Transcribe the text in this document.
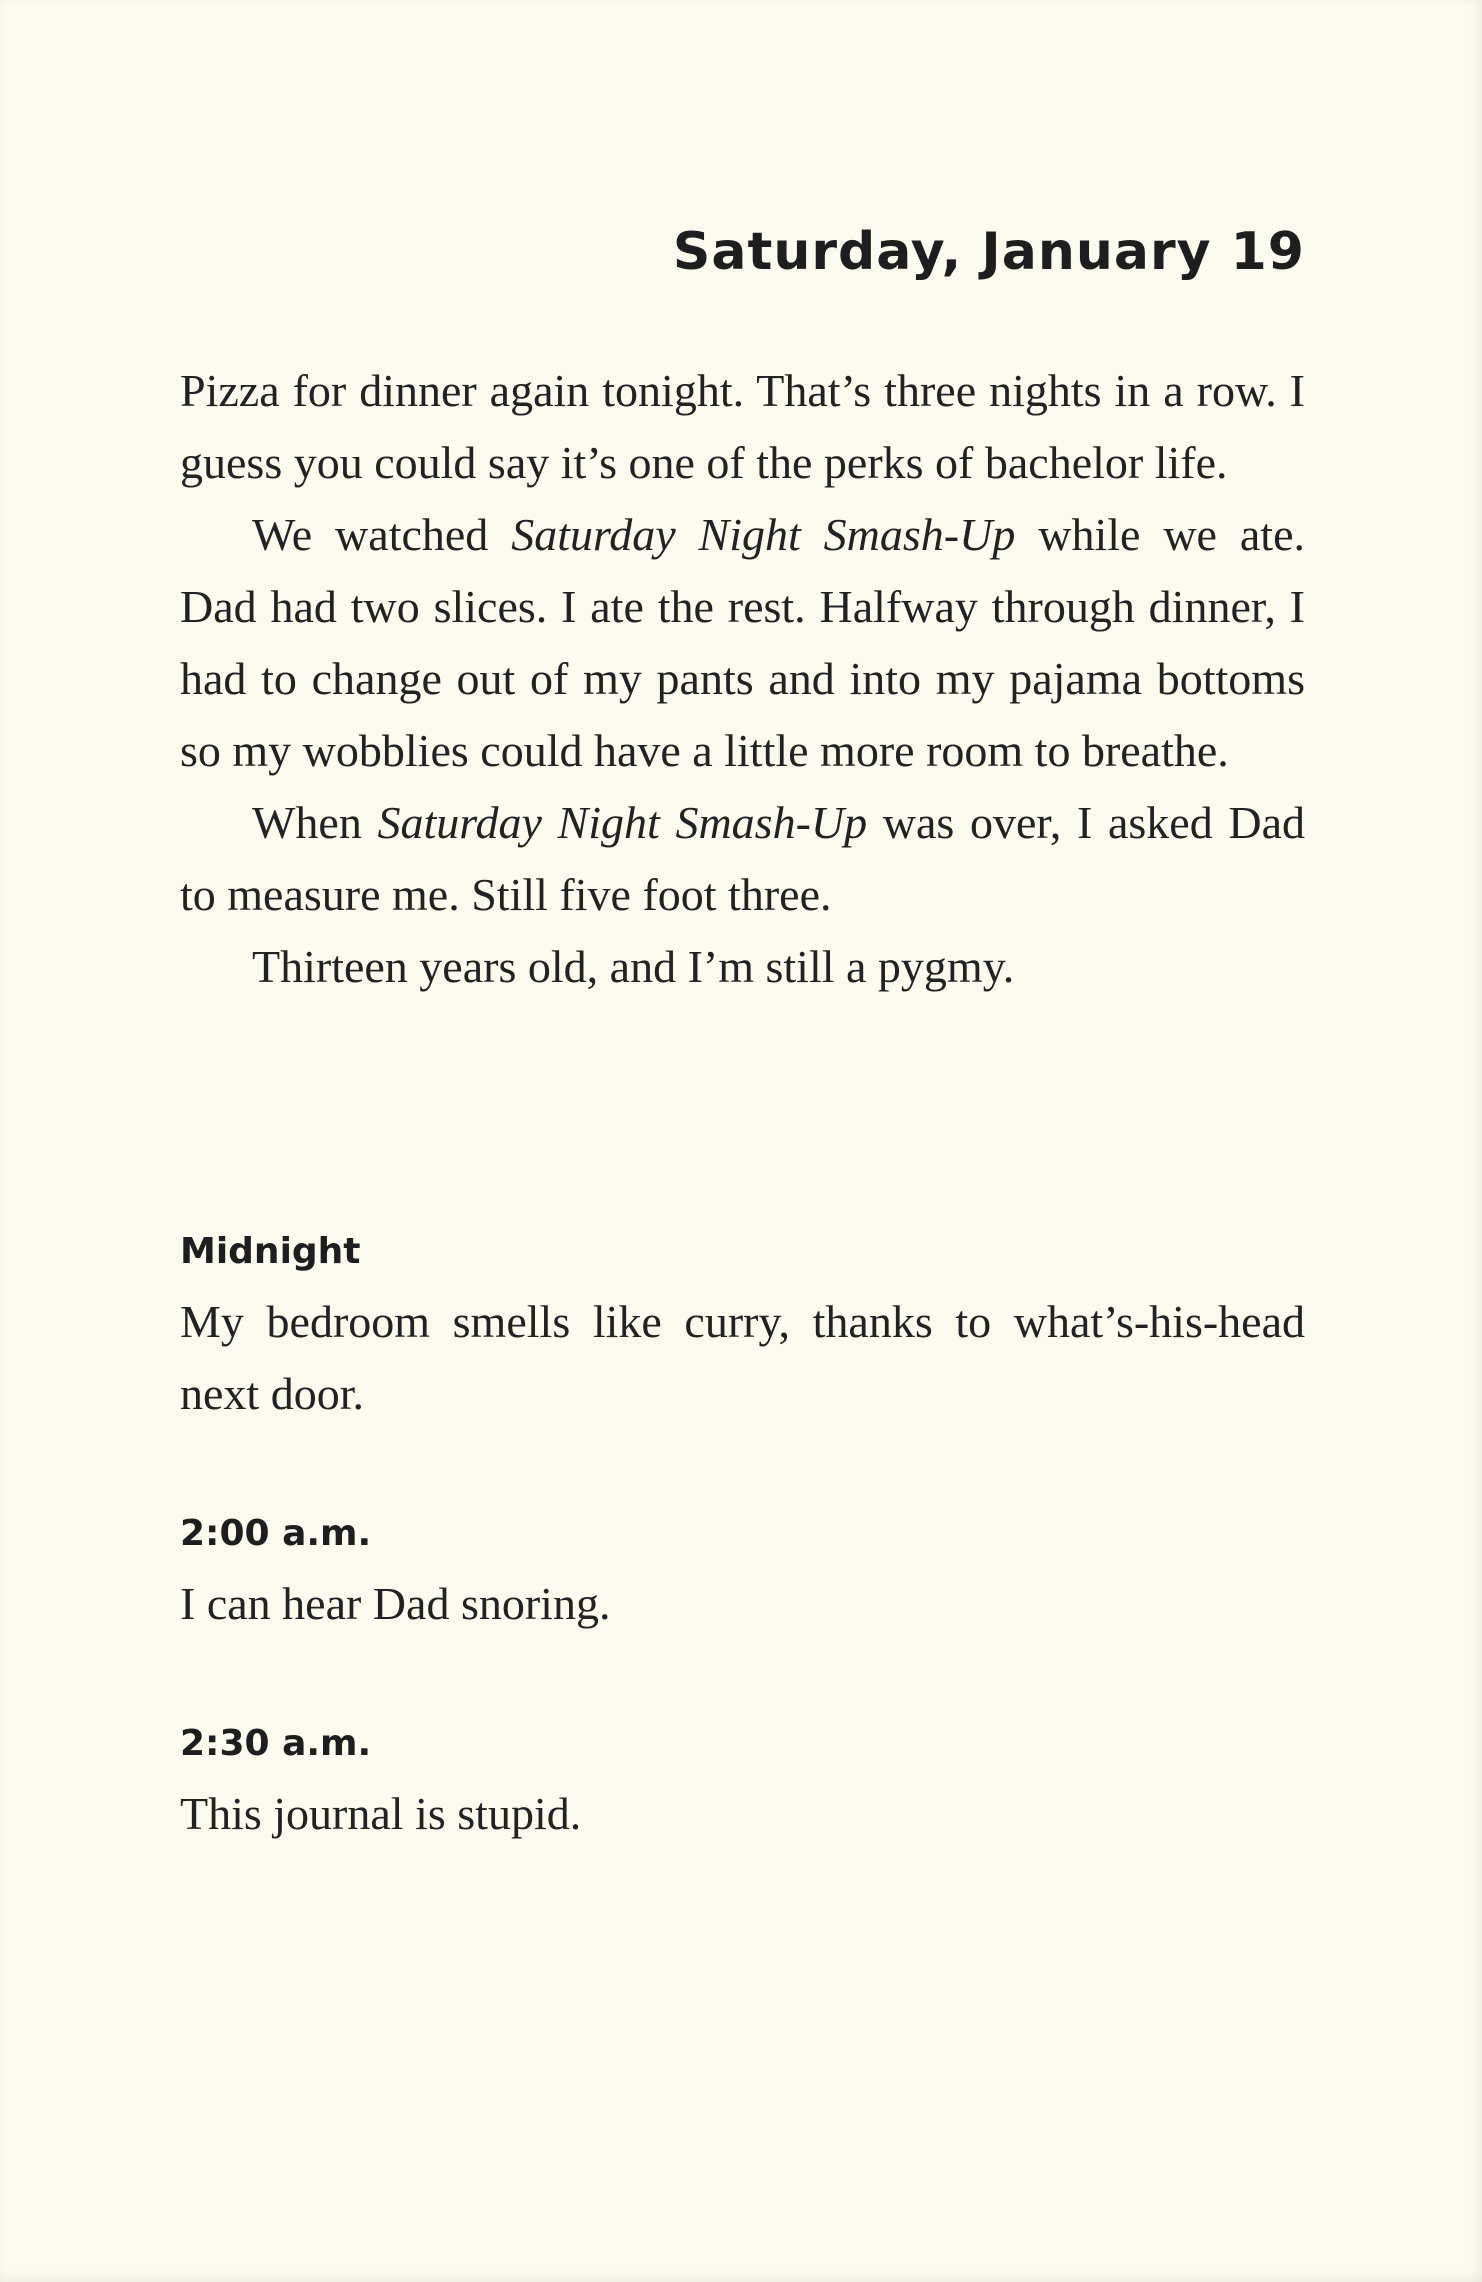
Saturday, January 19

Pizza for dinner again tonight. That’s three nights in a row. I guess you could say it’s one of the perks of bachelor life.

We watched Saturday Night Smash-Up while we ate. Dad had two slices. I ate the rest. Halfway through dinner, I had to change out of my pants and into my pajama bottoms so my wobblies could have a little more room to breathe.

When Saturday Night Smash-Up was over, I asked Dad to measure me. Still five foot three.

Thirteen years old, and I’m still a pygmy.

Midnight

My bedroom smells like curry, thanks to what’s-his-head next door.

2:00 a.m.

I can hear Dad snoring.

2:30 a.m.

This journal is stupid.
